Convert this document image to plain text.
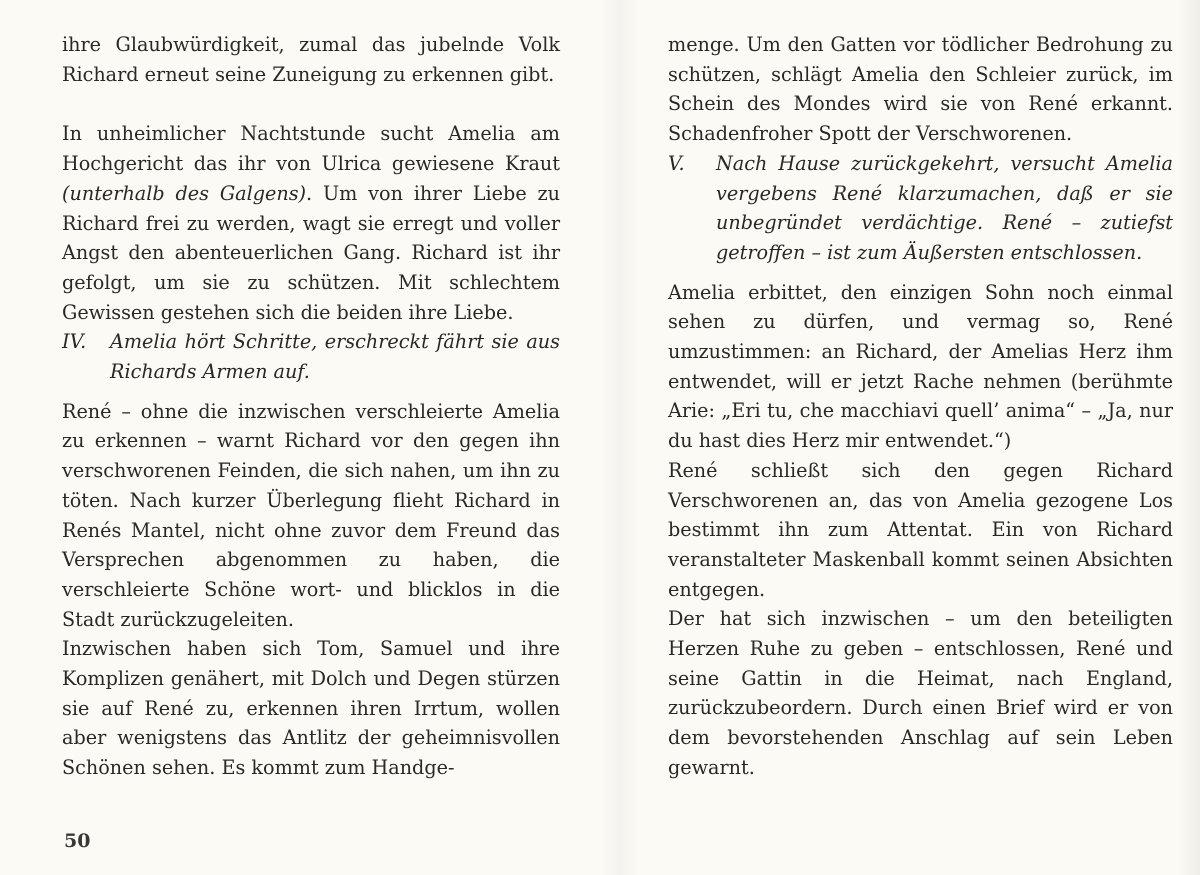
ihre Glaubwürdigkeit, zumal das jubelnde Volk Richard erneut seine Zuneigung zu erkennen gibt.

In unheimlicher Nachtstunde sucht Amelia am Hochgericht das ihr von Ulrica gewiesene Kraut (unterhalb des Galgens). Um von ihrer Liebe zu Richard frei zu werden, wagt sie erregt und voller Angst den abenteuerlichen Gang. Richard ist ihr gefolgt, um sie zu schützen. Mit schlechtem Gewissen gestehen sich die beiden ihre Liebe.

IV.	Amelia hört Schritte, erschreckt fährt sie aus Richards Armen auf.

René – ohne die inzwischen verschleierte Amelia zu erkennen – warnt Richard vor den gegen ihn verschworenen Feinden, die sich nahen, um ihn zu töten. Nach kurzer Überlegung flieht Richard in Renés Mantel, nicht ohne zuvor dem Freund das Versprechen abgenommen zu haben, die verschleierte Schöne wort- und blicklos in die Stadt zurückzugeleiten.

Inzwischen haben sich Tom, Samuel und ihre Komplizen genähert, mit Dolch und Degen stürzen sie auf René zu, erkennen ihren Irrtum, wollen aber wenigstens das Antlitz der geheimnisvollen Schönen sehen. Es kommt zum Handge-

50

menge. Um den Gatten vor tödlicher Bedrohung zu schützen, schlägt Amelia den Schleier zurück, im Schein des Mondes wird sie von René erkannt. Schadenfroher Spott der Verschworenen.

V.	Nach Hause zurückgekehrt, versucht Amelia vergebens René klarzumachen, daß er sie unbegründet verdächtige. René – zutiefst getroffen – ist zum Äußersten entschlossen.

Amelia erbittet, den einzigen Sohn noch einmal sehen zu dürfen, und vermag so, René umzustimmen: an Richard, der Amelias Herz ihm entwendet, will er jetzt Rache nehmen (berühmte Arie: „Eri tu, che macchiavi quell’ anima“ – „Ja, nur du hast dies Herz mir entwendet.“)

René schließt sich den gegen Richard Verschworenen an, das von Amelia gezogene Los bestimmt ihn zum Attentat. Ein von Richard veranstalteter Maskenball kommt seinen Absichten entgegen.

Der hat sich inzwischen – um den beteiligten Herzen Ruhe zu geben – entschlossen, René und seine Gattin in die Heimat, nach England, zurückzubeordern. Durch einen Brief wird er von dem bevorstehenden Anschlag auf sein Leben gewarnt.
